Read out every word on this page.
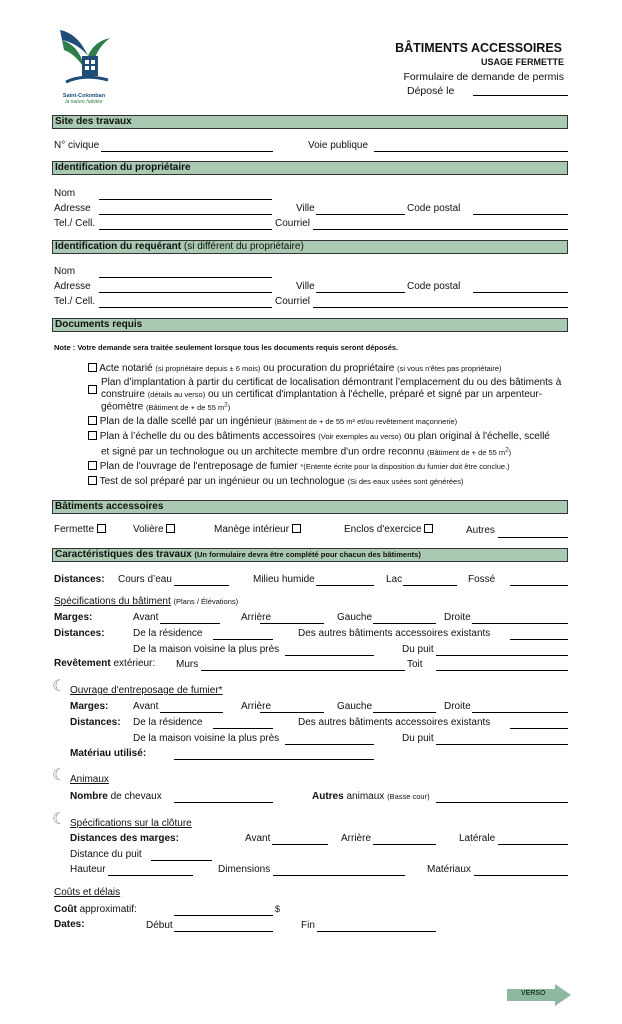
Saint-Colomban
la nature habitée
BÂTIMENTS ACCESSOIRES
USAGE FERMETTE
Formulaire de demande de permis
Déposé le
Site des travaux
N° civique	Voie publique
Identification du propriétaire
Nom
Adresse	Ville	Code postal
Tel./ Cell.	Courriel
Identification du requérant (si différent du propriétaire)
Nom
Adresse	Ville	Code postal
Tel./ Cell.	Courriel
Documents requis
Note : Votre demande sera traitée seulement lorsque tous les documents requis seront déposés.
Acte notarié (si propriétaire depuis ± 6 mois) ou procuration du propriétaire (si vous n'êtes pas propriétaire)
Plan d’implantation à partir du certificat de localisation démontrant l’emplacement du ou des bâtiments à
construire (détails au verso) ou un certificat d'implantation à l'échelle, préparé et signé par un arpenteur-
géomètre (Bâtiment de + de 55 $m^2$)
Plan de la dalle scellé par un ingénieur (Bâtiment de + de 55 m² et/ou revêtement maçonnerie)
Plan à l’échelle du ou des bâtiments accessoires (Voir exemples au verso) ou plan original à l'échelle, scellé
et signé par un technologue ou un architecte membre d'un ordre reconnu (Bâtiment de + de 55 $m^2$)
Plan de l'ouvrage de l'entreposage de fumier *(Entente écrite pour la disposition du fumier doit être conclue.)
Test de sol préparé par un ingénieur ou un technologue (Si des eaux usées sont générées)
Bâtiments accessoires
Fermette	Volière	Manège intérieur	Enclos d'exercice	Autres
Caractéristiques des travaux (Un formulaire devra être complété pour chacun des bâtiments)
Distances: Cours d’eau	Milieu humide	Lac	Fossé
Spécifications du bâtiment (Plans / Élévations)
Marges:	Avant	Arrière	Gauche	Droite
Distances:	De la résidence	Des autres bâtiments accessoires existants
De la maison voisine la plus près	Du puit
Revêtement extérieur: Murs	Toit
☾ Ouvrage d'entreposage de fumier*
Marges: Avant	Arrière	Gauche	Droite
Distances: De la résidence	Des autres bâtiments accessoires existants
De la maison voisine la plus près	Du puit
Matériau utilisé:
☾ Animaux
Nombre de chevaux	Autres animaux (Basse cour)
☾ Spécifications sur la clôture
Distances des marges:	Avant	Arrière	Latérale
Distance du puit
Hauteur	Dimensions	Matériaux
Coûts et délais
Coût approximatif:	$
Dates:	Début	Fin
VERSO
